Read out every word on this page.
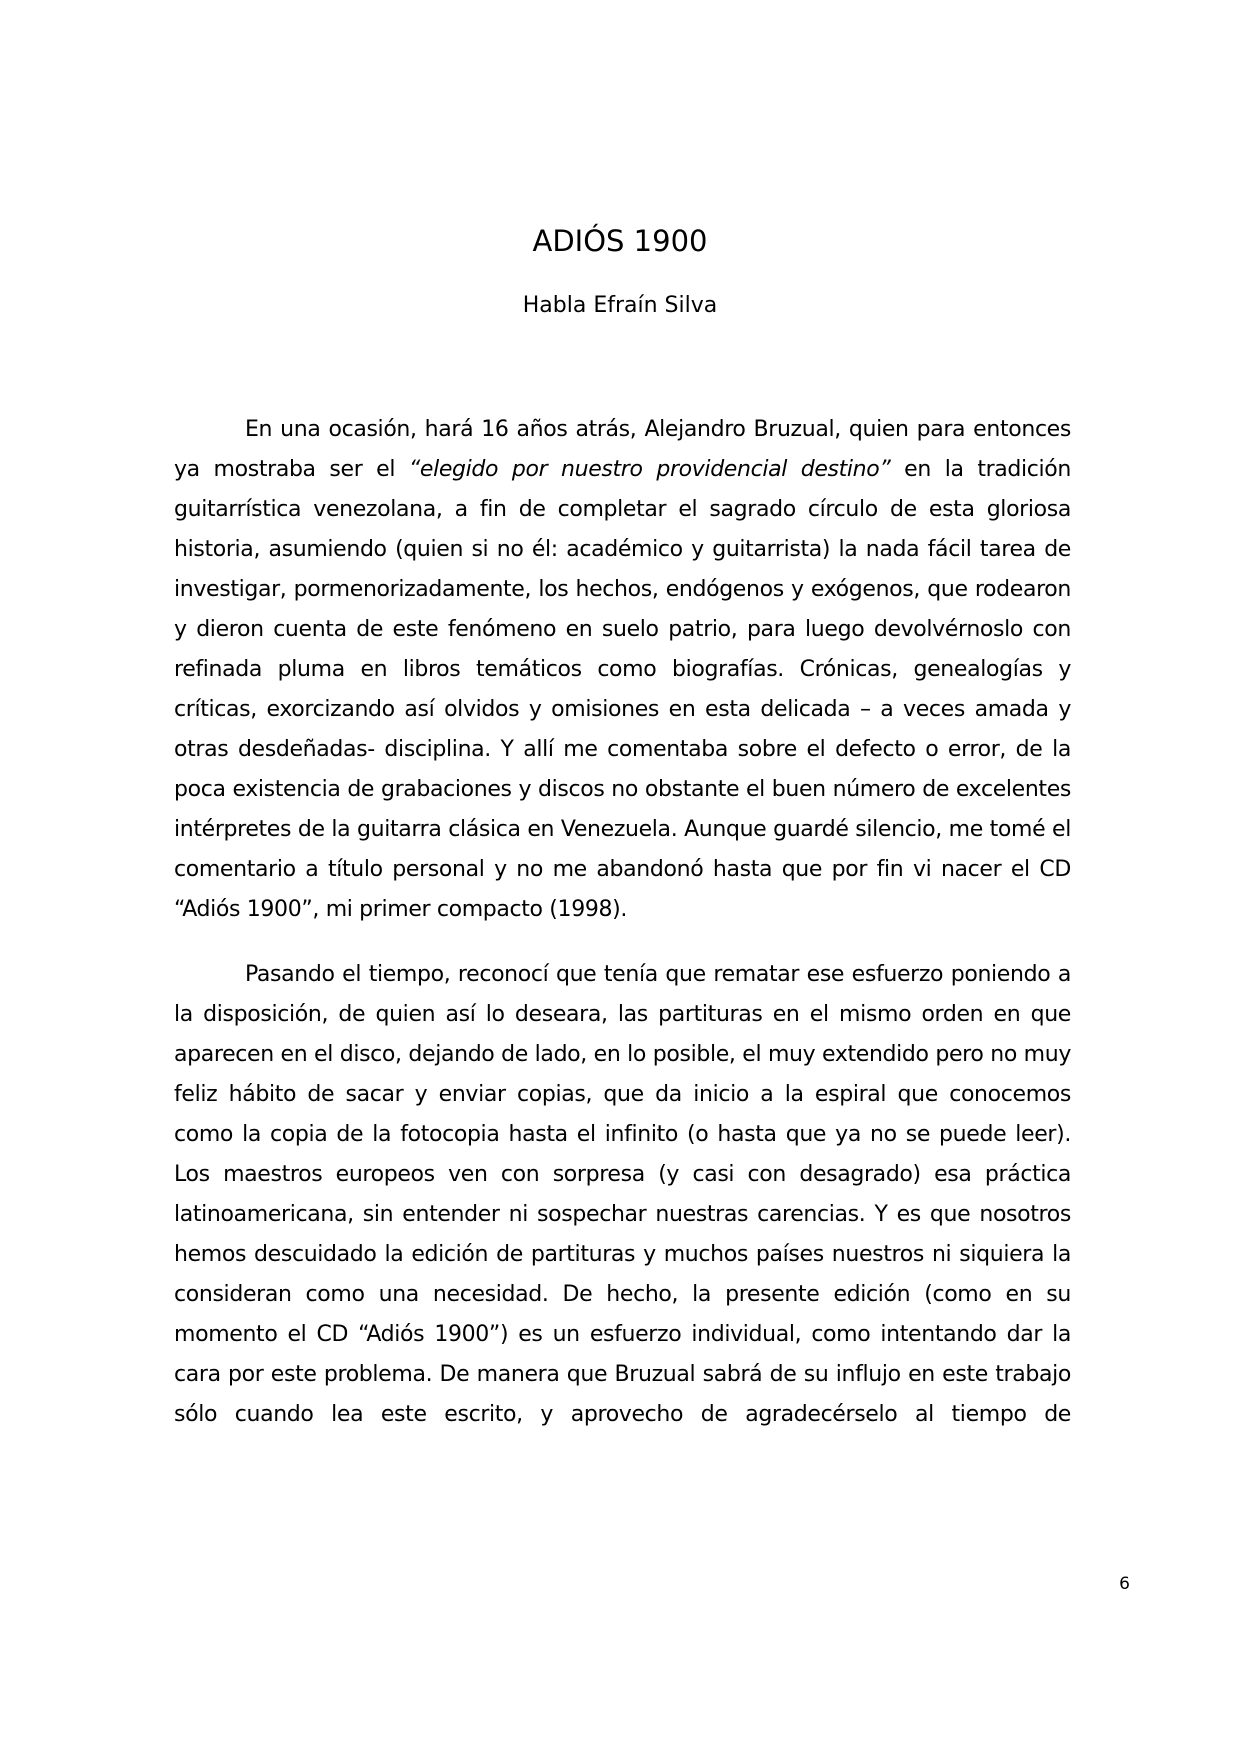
ADIÓS 1900
Habla Efraín Silva

En una ocasión, hará 16 años atrás, Alejandro Bruzual, quien para entonces ya mostraba ser el “elegido por nuestro providencial destino” en la tradición guitarrística venezolana, a fin de completar el sagrado círculo de esta gloriosa historia, asumiendo (quien si no él: académico y guitarrista) la nada fácil tarea de investigar, pormenorizadamente, los hechos, endógenos y exógenos, que rodearon y dieron cuenta de este fenómeno en suelo patrio, para luego devolvérnoslo con refinada pluma en libros temáticos como biografías. Crónicas, genealogías y críticas, exorcizando así olvidos y omisiones en esta delicada – a veces amada y otras desdeñadas- disciplina. Y allí me comentaba sobre el defecto o error, de la poca existencia de grabaciones y discos no obstante el buen número de excelentes intérpretes de la guitarra clásica en Venezuela. Aunque guardé silencio, me tomé el comentario a título personal y no me abandonó hasta que por fin vi nacer el CD “Adiós 1900”, mi primer compacto (1998).

Pasando el tiempo, reconocí que tenía que rematar ese esfuerzo poniendo a la disposición, de quien así lo deseara, las partituras en el mismo orden en que aparecen en el disco, dejando de lado, en lo posible, el muy extendido pero no muy feliz hábito de sacar y enviar copias, que da inicio a la espiral que conocemos como la copia de la fotocopia hasta el infinito (o hasta que ya no se puede leer). Los maestros europeos ven con sorpresa (y casi con desagrado) esa práctica latinoamericana, sin entender ni sospechar nuestras carencias. Y es que nosotros hemos descuidado la edición de partituras y muchos países nuestros ni siquiera la consideran como una necesidad. De hecho, la presente edición (como en su momento el CD “Adiós 1900”) es un esfuerzo individual, como intentando dar la cara por este problema. De manera que Bruzual sabrá de su influjo en este trabajo sólo cuando lea este escrito, y aprovecho de agradecérselo al tiempo de

6
